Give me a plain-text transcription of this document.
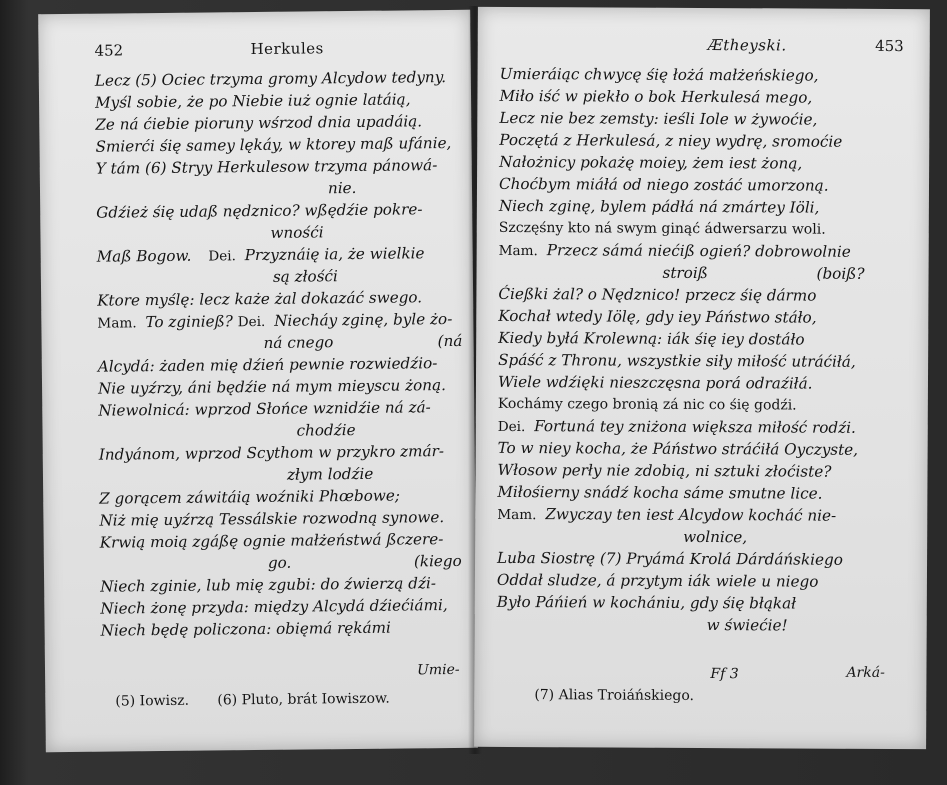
452	Herkules
Lecz (5) Ociec trzyma gromy Alcydow tedyny.
Myśl sobie, że po Niebie iuż ognie latáią,
Ze ná ćiebie pioruny wśrzod dnia upadáią.
Smierći śię samey lękáy, w ktorey maß ufánie,
Y tám (6) Stryy Herkulesow trzyma pánowá-
nie.
Gdźież śię udaß nędznico? wßędźie pokre-
wnośći
Maß Bogow. Dei. Przyznáię ia, że wielkie
są złośći
Ktore myślę: lecz każe żal dokazáć swego.
Mam. To zginieß? Dei. Niecháy zginę, byle żo-
ná cnego	(ná
Alcydá: żaden mię dźień pewnie rozwiedźio-
Nie uyźrzy, áni będźie ná mym mieyscu żoną.
Niewolnicá: wprzod Słońce wznidźie ná zá-
chodźie
Indyánom, wprzod Scythom w przykro zmár-
złym lodźie
Z gorącem záwitáią woźniki Phœbowe;
Niż mię uyźrzą Tessálskie rozwodną synowe.
Krwią moią zgáßę ognie małżeństwá ßczere-
go.	(kiego
Niech zginie, lub mię zgubi: do źwierzą dźi-
Niech żonę przyda: między Alcydá dźiećiámi,
Niech będę policzona: obięmá rękámi
Umie-
(5) Iowisz. (6) Pluto, brát Iowiszow.
Ætheyski.	453
Umieráiąc chwycę śię łożá małżeńskiego,
Miło iść w piekło o bok Herkulesá mego,
Lecz nie bez zemsty: ieśli Iole w żywoćie,
Poczętá z Herkulesá, z niey wydrę, sromoćie
Nałożnicy pokażę moiey, żem iest żoną,
Choćbym miáłá od niego zostáć umorzoną.
Niech zginę, bylem pádłá ná zmártey Iöli,
Szczęśny kto ná swym ginąć ádwersarzu woli.
Mam. Przecz sámá niećiß ogień? dobrowolnie
stroiß	(boiß?
Ćießki żal? o Nędznico! przecz śię dármo
Kochał wtedy Iölę, gdy iey Páństwo stáło,
Kiedy byłá Krolewną: iák śię iey dostáło
Spáść z Thronu, wszystkie siły miłość utráćiłá,
Wiele wdźięki nieszczęsna porá odraźiłá.
Kochámy czego bronią zá nic co śię godźi.
Dei. Fortuná tey zniżona większa miłość rodźi.
To w niey kocha, że Páństwo stráćiłá Oyczyste,
Włosow perły nie zdobią, ni sztuki złoćiste?
Miłośierny snádź kocha sáme smutne lice.
Mam. Zwyczay ten iest Alcydow kocháć nie-
wolnice,
Luba Siostrę (7) Pryámá Krolá Dárdáńskiego
Oddał sludze, á przytym iák wiele u niego
Było Páńień w kochániu, gdy śię błąkał
w świećie!
Ff 3	Arká-
(7) Alias Troiáńskiego.
